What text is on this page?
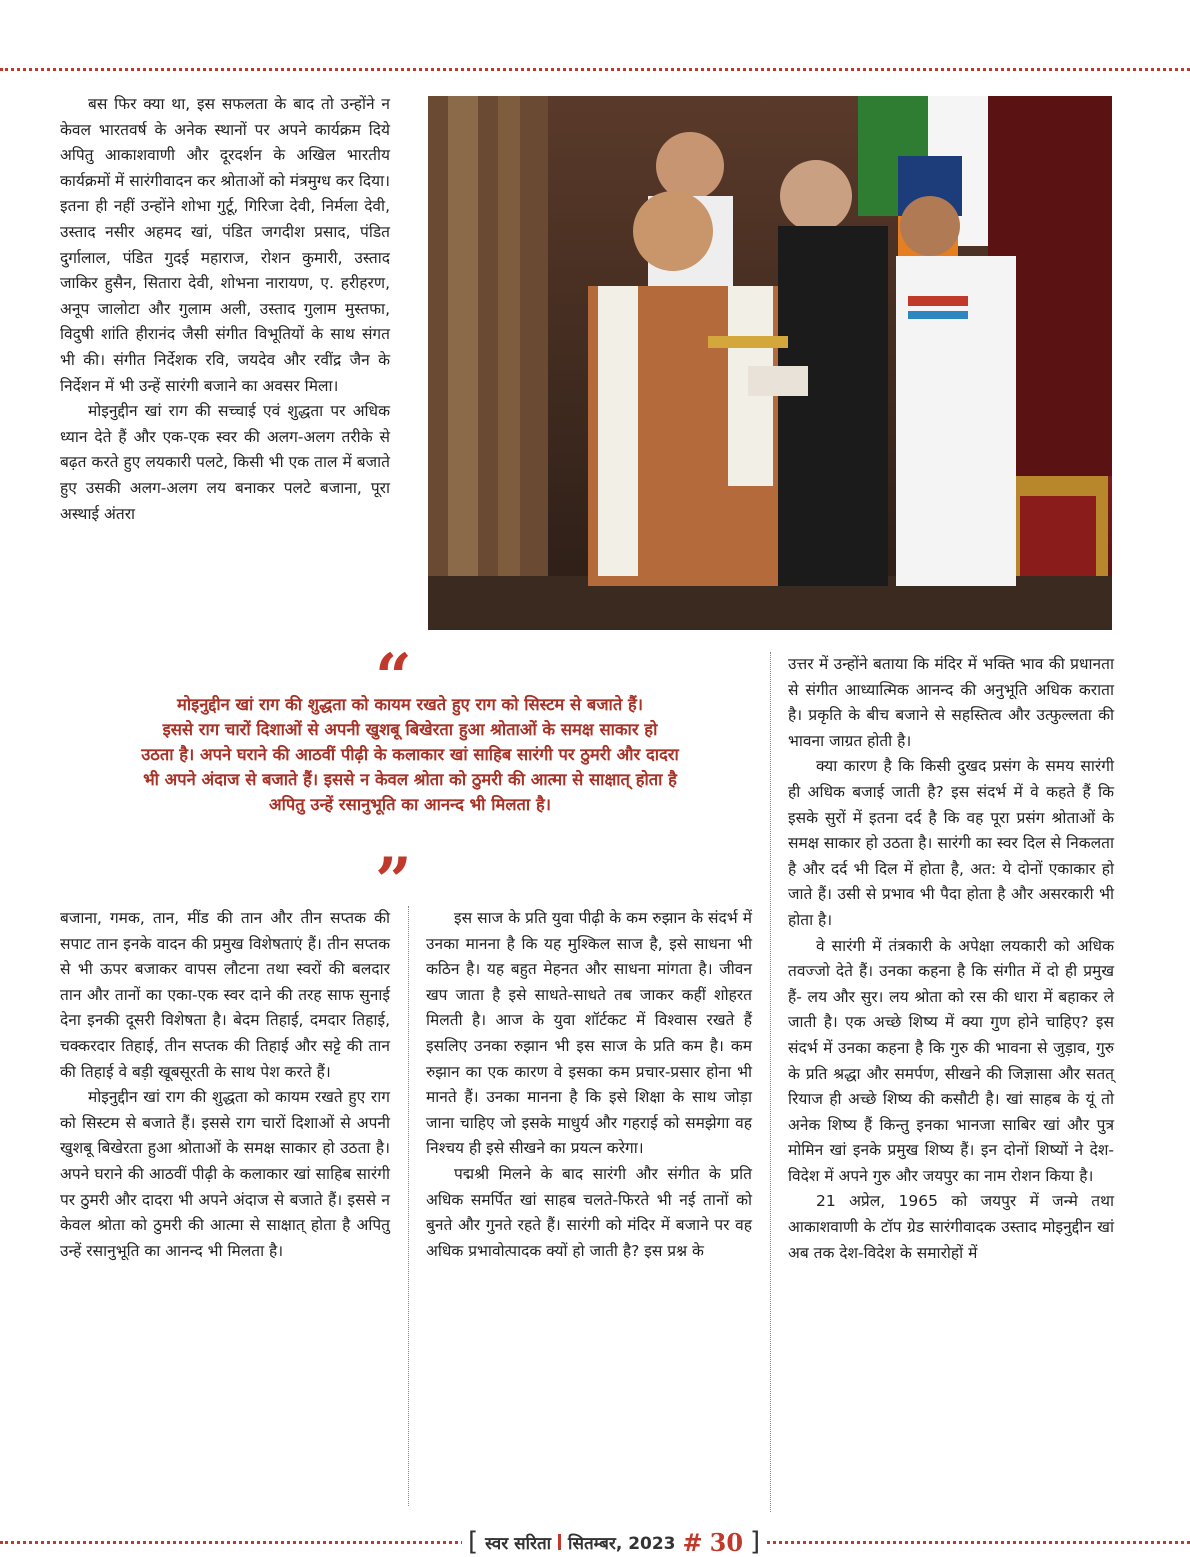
बस फिर क्या था, इस सफलता के बाद तो उन्होंने न केवल भारतवर्ष के अनेक स्थानों पर अपने कार्यक्रम दिये अपितु आकाशवाणी और दूरदर्शन के अखिल भारतीय कार्यक्रमों में सारंगीवादन कर श्रोताओं को मंत्रमुग्ध कर दिया। इतना ही नहीं उन्होंने शोभा गुर्टू, गिरिजा देवी, निर्मला देवी, उस्ताद नसीर अहमद खां, पंडित जगदीश प्रसाद, पंडित दुर्गालाल, पंडित गुदई महाराज, रोशन कुमारी, उस्ताद जाकिर हुसैन, सितारा देवी, शोभना नारायण, ए. हरीहरण, अनूप जालोटा और गुलाम अली, उस्ताद गुलाम मुस्तफा, विदुषी शांति हीरानंद जैसी संगीत विभूतियों के साथ संगत भी की। संगीत निर्देशक रवि, जयदेव और रवींद्र जैन के निर्देशन में भी उन्हें सारंगी बजाने का अवसर मिला।

मोइनुद्दीन खां राग की सच्चाई एवं शुद्धता पर अधिक ध्यान देते हैं और एक-एक स्वर की अलग-अलग तरीके से बढ़त करते हुए लयकारी पलटे, किसी भी एक ताल में बजाते हुए उसकी अलग-अलग लय बनाकर पलटे बजाना, पूरा अस्थाई अंतरा

“
मोइनुद्दीन खां राग की शुद्धता को कायम रखते हुए राग को सिस्टम से बजाते हैं।
इससे राग चारों दिशाओं से अपनी खुशबू बिखेरता हुआ श्रोताओं के समक्ष साकार हो
उठता है। अपने घराने की आठवीं पीढ़ी के कलाकार खां साहिब सारंगी पर ठुमरी और दादरा
भी अपने अंदाज से बजाते हैं। इससे न केवल श्रोता को ठुमरी की आत्मा से साक्षात् होता है
अपितु उन्हें रसानुभूति का आनन्द भी मिलता है।
”

उत्तर में उन्होंने बताया कि मंदिर में भक्ति भाव की प्रधानता से संगीत आध्यात्मिक आनन्द की अनुभूति अधिक कराता है। प्रकृति के बीच बजाने से सहस्तित्व और उत्फुल्लता की भावना जाग्रत होती है।

क्या कारण है कि किसी दुखद प्रसंग के समय सारंगी ही अधिक बजाई जाती है? इस संदर्भ में वे कहते हैं कि इसके सुरों में इतना दर्द है कि वह पूरा प्रसंग श्रोताओं के समक्ष साकार हो उठता है। सारंगी का स्वर दिल से निकलता है और दर्द भी दिल में होता है, अत: ये दोनों एकाकार हो जाते हैं। उसी से प्रभाव भी पैदा होता है और असरकारी भी होता है।

वे सारंगी में तंत्रकारी के अपेक्षा लयकारी को अधिक तवज्जो देते हैं। उनका कहना है कि संगीत में दो ही प्रमुख हैं- लय और सुर। लय श्रोता को रस की धारा में बहाकर ले जाती है। एक अच्छे शिष्य में क्या गुण होने चाहिए? इस संदर्भ में उनका कहना है कि गुरु की भावना से जुड़ाव, गुरु के प्रति श्रद्धा और समर्पण, सीखने की जिज्ञासा और सतत् रियाज ही अच्छे शिष्य की कसौटी है। खां साहब के यूं तो अनेक शिष्य हैं किन्तु इनका भानजा साबिर खां और पुत्र मोमिन खां इनके प्रमुख शिष्य हैं। इन दोनों शिष्यों ने देश-विदेश में अपने गुरु और जयपुर का नाम रोशन किया है।

21 अप्रेल, 1965 को जयपुर में जन्मे तथा आकाशवाणी के टॉप ग्रेड सारंगीवादक उस्ताद मोइनुद्दीन खां अब तक देश-विदेश के समारोहों में

बजाना, गमक, तान, मींड की तान और तीन सप्तक की सपाट तान इनके वादन की प्रमुख विशेषताएं हैं। तीन सप्तक से भी ऊपर बजाकर वापस लौटना तथा स्वरों की बलदार तान और तानों का एका-एक स्वर दाने की तरह साफ सुनाई देना इनकी दूसरी विशेषता है। बेदम तिहाई, दमदार तिहाई, चक्करदार तिहाई, तीन सप्तक की तिहाई और सट्टे की तान की तिहाई वे बड़ी खूबसूरती के साथ पेश करते हैं।

मोइनुद्दीन खां राग की शुद्धता को कायम रखते हुए राग को सिस्टम से बजाते हैं। इससे राग चारों दिशाओं से अपनी खुशबू बिखेरता हुआ श्रोताओं के समक्ष साकार हो उठता है। अपने घराने की आठवीं पीढ़ी के कलाकार खां साहिब सारंगी पर ठुमरी और दादरा भी अपने अंदाज से बजाते हैं। इससे न केवल श्रोता को ठुमरी की आत्मा से साक्षात् होता है अपितु उन्हें रसानुभूति का आनन्द भी मिलता है।

इस साज के प्रति युवा पीढ़ी के कम रुझान के संदर्भ में उनका मानना है कि यह मुश्किल साज है, इसे साधना भी कठिन है। यह बहुत मेहनत और साधना मांगता है। जीवन खप जाता है इसे साधते-साधते तब जाकर कहीं शोहरत मिलती है। आज के युवा शॉर्टकट में विश्वास रखते हैं इसलिए उनका रुझान भी इस साज के प्रति कम है। कम रुझान का एक कारण वे इसका कम प्रचार-प्रसार होना भी मानते हैं। उनका मानना है कि इसे शिक्षा के साथ जोड़ा जाना चाहिए जो इसके माधुर्य और गहराई को समझेगा वह निश्चय ही इसे सीखने का प्रयत्न करेगा।

पद्मश्री मिलने के बाद सारंगी और संगीत के प्रति अधिक समर्पित खां साहब चलते-फिरते भी नई तानों को बुनते और गुनते रहते हैं। सारंगी को मंदिर में बजाने पर वह अधिक प्रभावोत्पादक क्यों हो जाती है? इस प्रश्न के

[ स्वर सरिता सितम्बर, 2023 # 30 ]
